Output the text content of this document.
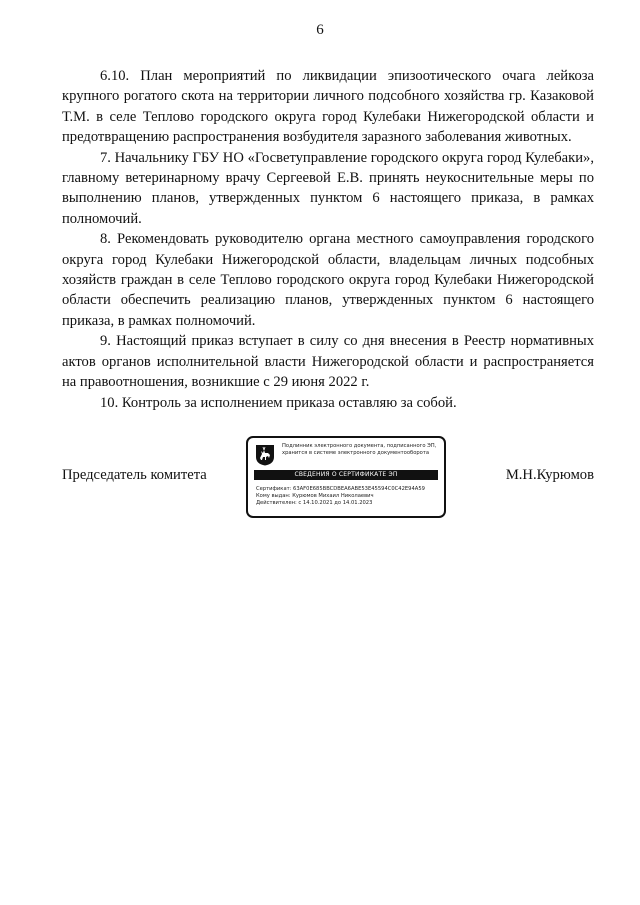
6

6.10. План мероприятий по ликвидации эпизоотического очага лейкоза крупного рогатого скота на территории личного подсобного хозяйства гр. Казаковой Т.М. в селе Теплово городского округа город Кулебаки Нижегородской области и предотвращению распространения возбудителя заразного заболевания животных.

7. Начальнику ГБУ НО «Госветуправление городского округа город Кулебаки», главному ветеринарному врачу Сергеевой Е.В. принять неукоснительные меры по выполнению планов, утвержденных пунктом 6 настоящего приказа, в рамках полномочий.

8. Рекомендовать руководителю органа местного самоуправления городского округа город Кулебаки Нижегородской области, владельцам личных подсобных хозяйств граждан в селе Теплово городского округа город Кулебаки Нижегородской области обеспечить реализацию планов, утвержденных пунктом 6 настоящего приказа, в рамках полномочий.

9. Настоящий приказ вступает в силу со дня внесения в Реестр нормативных актов органов исполнительной власти Нижегородской области и распространяется на правоотношения, возникшие с 29 июня 2022 г.

10. Контроль за исполнением приказа оставляю за собой.

Председатель комитета
Подлинник электронного документа, подписанного ЭП, хранится в системе электронного документооборота
СВЕДЕНИЯ О СЕРТИФИКАТЕ ЭП
Сертификат: 63AF0E685BBCDBEA6ABE53E45594C0C42E94A59
Кому выдан: Курюмов Михаил Николаевич
Действителен: с 14.10.2021 до 14.01.2023
М.Н.Курюмов
